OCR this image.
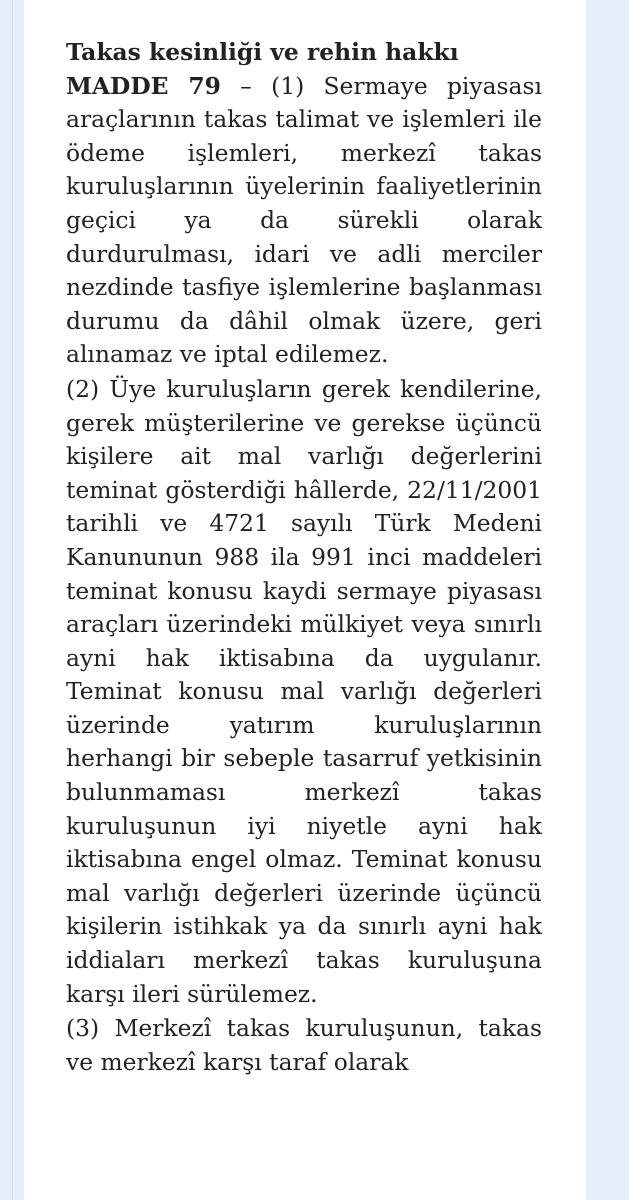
Takas kesinliği ve rehin hakkı

MADDE 79 – (1) Sermaye piyasası araçlarının takas talimat ve işlemleri ile ödeme işlemleri, merkezî takas kuruluşlarının üyelerinin faaliyetlerinin geçici ya da sürekli olarak durdurulması, idari ve adli merciler nezdinde tasfiye işlemlerine başlanması durumu da dâhil olmak üzere, geri alınamaz ve iptal edilemez.

(2) Üye kuruluşların gerek kendilerine, gerek müşterilerine ve gerekse üçüncü kişilere ait mal varlığı değerlerini teminat gösterdiği hâllerde, 22/11/2001 tarihli ve 4721 sayılı Türk Medeni Kanununun 988 ila 991 inci maddeleri teminat konusu kaydi sermaye piyasası araçları üzerindeki mülkiyet veya sınırlı ayni hak iktisabına da uygulanır. Teminat konusu mal varlığı değerleri üzerinde yatırım kuruluşlarının herhangi bir sebeple tasarruf yetkisinin bulunmaması merkezî takas kuruluşunun iyi niyetle ayni hak iktisabına engel olmaz. Teminat konusu mal varlığı değerleri üzerinde üçüncü kişilerin istihkak ya da sınırlı ayni hak iddiaları merkezî takas kuruluşuna karşı ileri sürülemez.

(3) Merkezî takas kuruluşunun, takas ve merkezî karşı taraf olarak
